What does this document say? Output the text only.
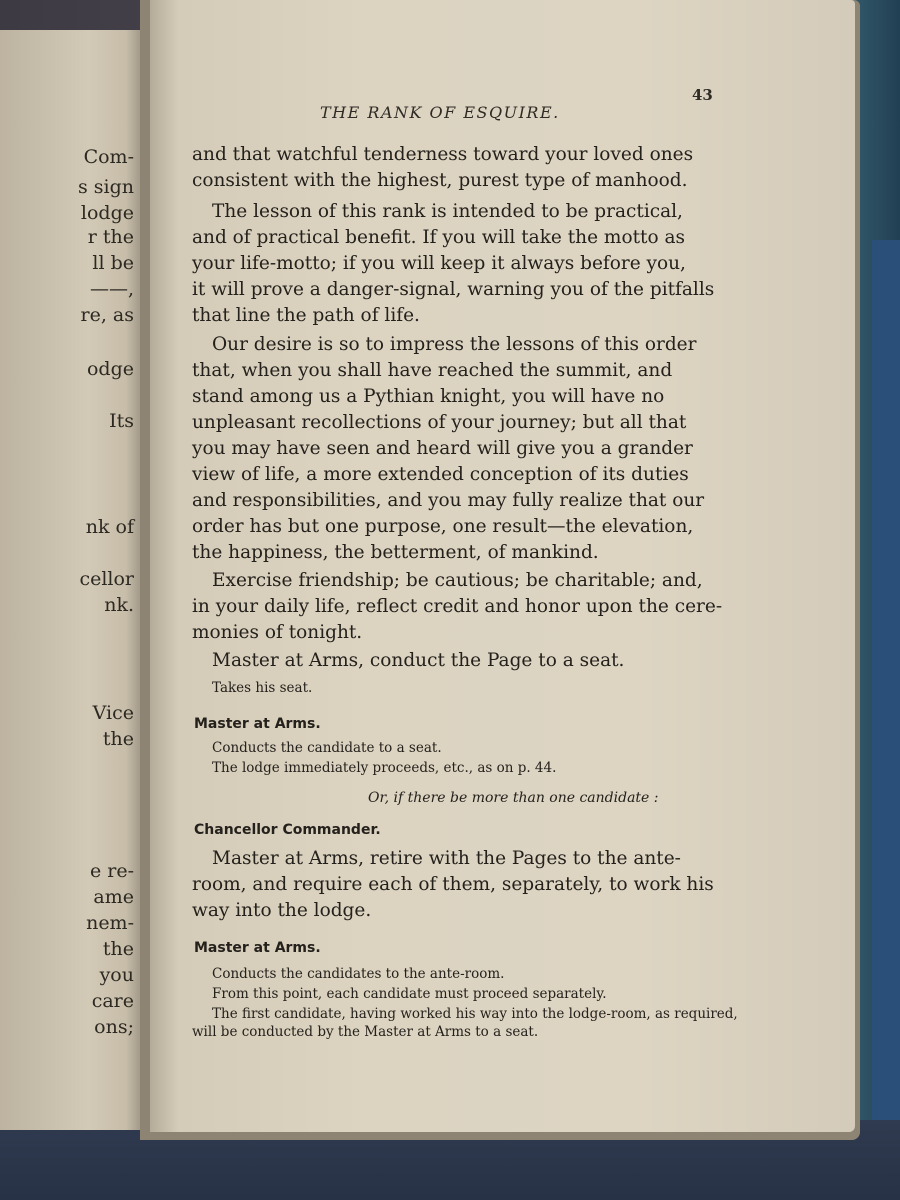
Com-
s sign
lodge
r the
ll be
——,
re, as
odge
Its
nk of
cellor
nk.
Vice
the
e re-
ame
nem-
the
you
care
ons;
THE RANK OF ESQUIRE.
43
and that watchful tenderness toward your loved ones
consistent with the highest, purest type of manhood.
The lesson of this rank is intended to be practical,
and of practical benefit. If you will take the motto as
your life-motto; if you will keep it always before you,
it will prove a danger-signal, warning you of the pitfalls
that line the path of life.
Our desire is so to impress the lessons of this order
that, when you shall have reached the summit, and
stand among us a Pythian knight, you will have no
unpleasant recollections of your journey; but all that
you may have seen and heard will give you a grander
view of life, a more extended conception of its duties
and responsibilities, and you may fully realize that our
order has but one purpose, one result—the elevation,
the happiness, the betterment, of mankind.
Exercise friendship; be cautious; be charitable; and,
in your daily life, reflect credit and honor upon the cere-
monies of tonight.
Master at Arms, conduct the Page to a seat.
Takes his seat.
Master at Arms.
Conducts the candidate to a seat.
The lodge immediately proceeds, etc., as on p. 44.
Or, if there be more than one candidate :
Chancellor Commander.
Master at Arms, retire with the Pages to the ante-
room, and require each of them, separately, to work his
way into the lodge.
Master at Arms.
Conducts the candidates to the ante-room.
From this point, each candidate must proceed separately.
The first candidate, having worked his way into the lodge-room, as required,
will be conducted by the Master at Arms to a seat.
